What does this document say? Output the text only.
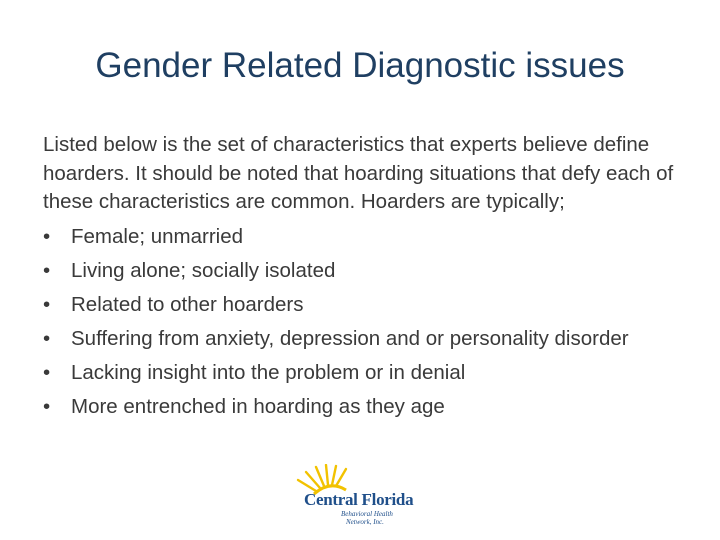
Gender Related Diagnostic issues

Listed below is the set of characteristics that experts believe define hoarders. It should be noted that hoarding situations that defy each of these characteristics are common. Hoarders are typically;

•	Female; unmarried
•	Living alone; socially isolated
•	Related to other hoarders
•	Suffering from anxiety, depression and or personality disorder
•	Lacking insight into the problem or in denial
•	More entrenched in hoarding as they age
Central Florida
Behavioral Health
Network, Inc.
